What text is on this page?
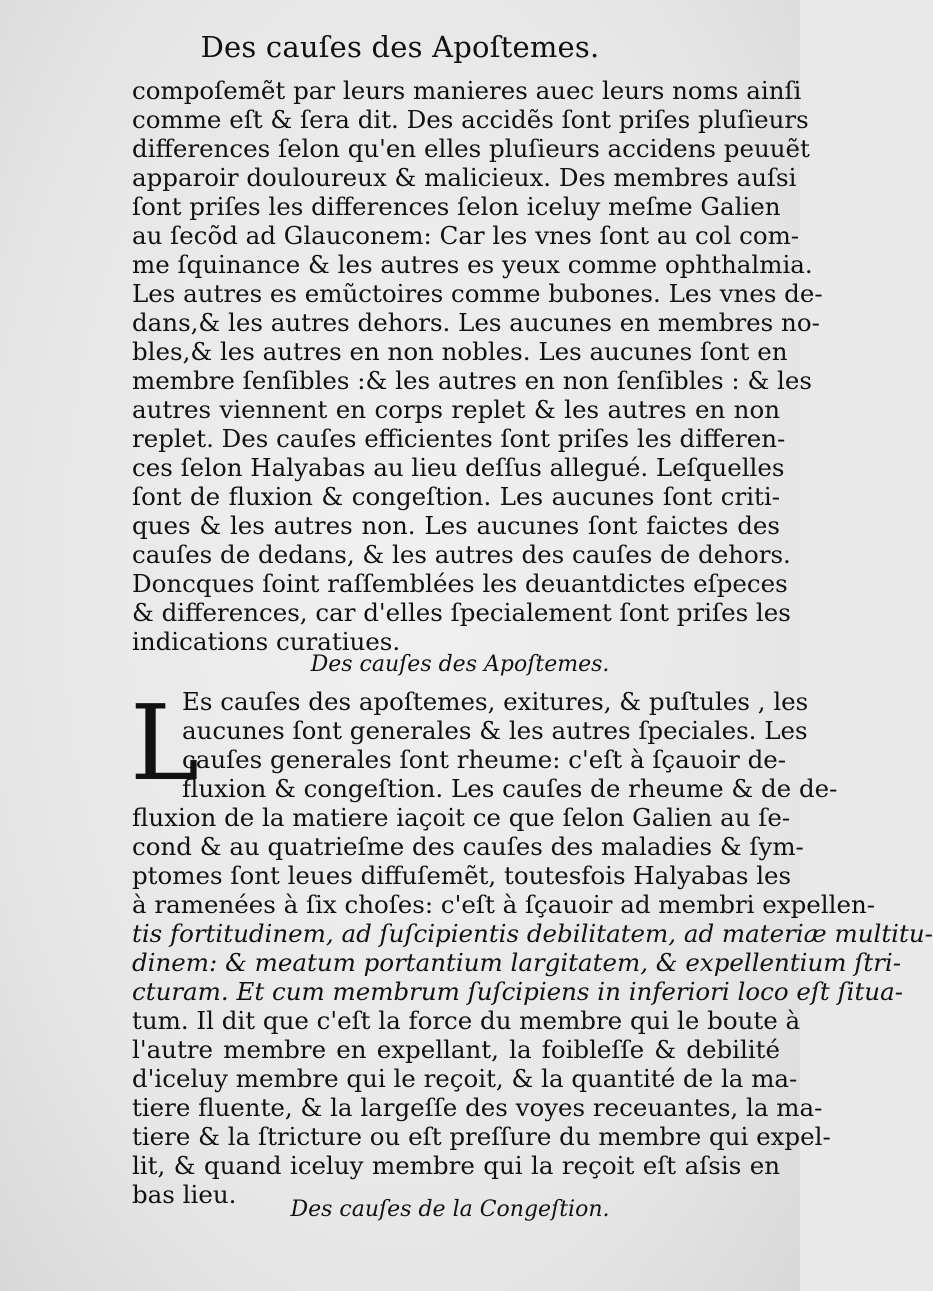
Des cauſes des Apoſtemes.
compoſemẽt par leurs manieres auec leurs noms ainſi
comme eſt & ſera dit. Des accidẽs ſont priſes pluſieurs
differences ſelon qu'en elles pluſieurs accidens peuuẽt
apparoir douloureux & malicieux. Des membres auſsi
ſont priſes les differences ſelon iceluy meſme Galien
au ſecõd ad Glauconem: Car les vnes ſont au col com-
me ſquinance & les autres es yeux comme ophthalmia.
Les autres es emũctoires comme bubones. Les vnes de-
dans,& les autres dehors. Les aucunes en membres no-
bles,& les autres en non nobles. Les aucunes ſont en
membre ſenſibles :& les autres en non ſenſibles : & les
autres viennent en corps replet & les autres en non
replet. Des cauſes efficientes ſont priſes les differen-
ces ſelon Halyabas au lieu deſſus allegué. Leſquelles
ſont de fluxion & congeſtion. Les aucunes ſont criti-
ques & les autres non. Les aucunes ſont faictes des
cauſes de dedans, & les autres des cauſes de dehors.
Doncques ſoint raſſemblées les deuantdictes eſpeces
& differences, car d'elles ſpecialement ſont priſes les
indications curatiues.
Des cauſes des Apoſtemes.
L
Es cauſes des apoſtemes, exitures, & puſtules , les
aucunes ſont generales & les autres ſpeciales. Les
cauſes generales ſont rheume: c'eſt à ſçauoir de-
fluxion & congeſtion. Les cauſes de rheume & de de-
fluxion de la matiere iaçoit ce que ſelon Galien au ſe-
cond & au quatrieſme des cauſes des maladies & ſym-
ptomes ſont leues diffuſemẽt, toutesfois Halyabas les
à ramenées à ſix choſes: c'eſt à ſçauoir ad membri expellen-
tis fortitudinem, ad ſuſcipientis debilitatem, ad materiæ multitu-
dinem: & meatum portantium largitatem, & expellentium ſtri-
cturam. Et cum membrum ſuſcipiens in inferiori loco eſt ſitua-
tum. Il dit que c'eſt la force du membre qui le boute à
l'autre membre en expellant, la foibleſſe & debilité
d'iceluy membre qui le reçoit, & la quantité de la ma-
tiere fluente, & la largeſſe des voyes receuantes, la ma-
tiere & la ſtricture ou eſt preſſure du membre qui expel-
lit, & quand iceluy membre qui la reçoit eſt aſsis en
bas lieu.
Des cauſes de la Congeſtion.
